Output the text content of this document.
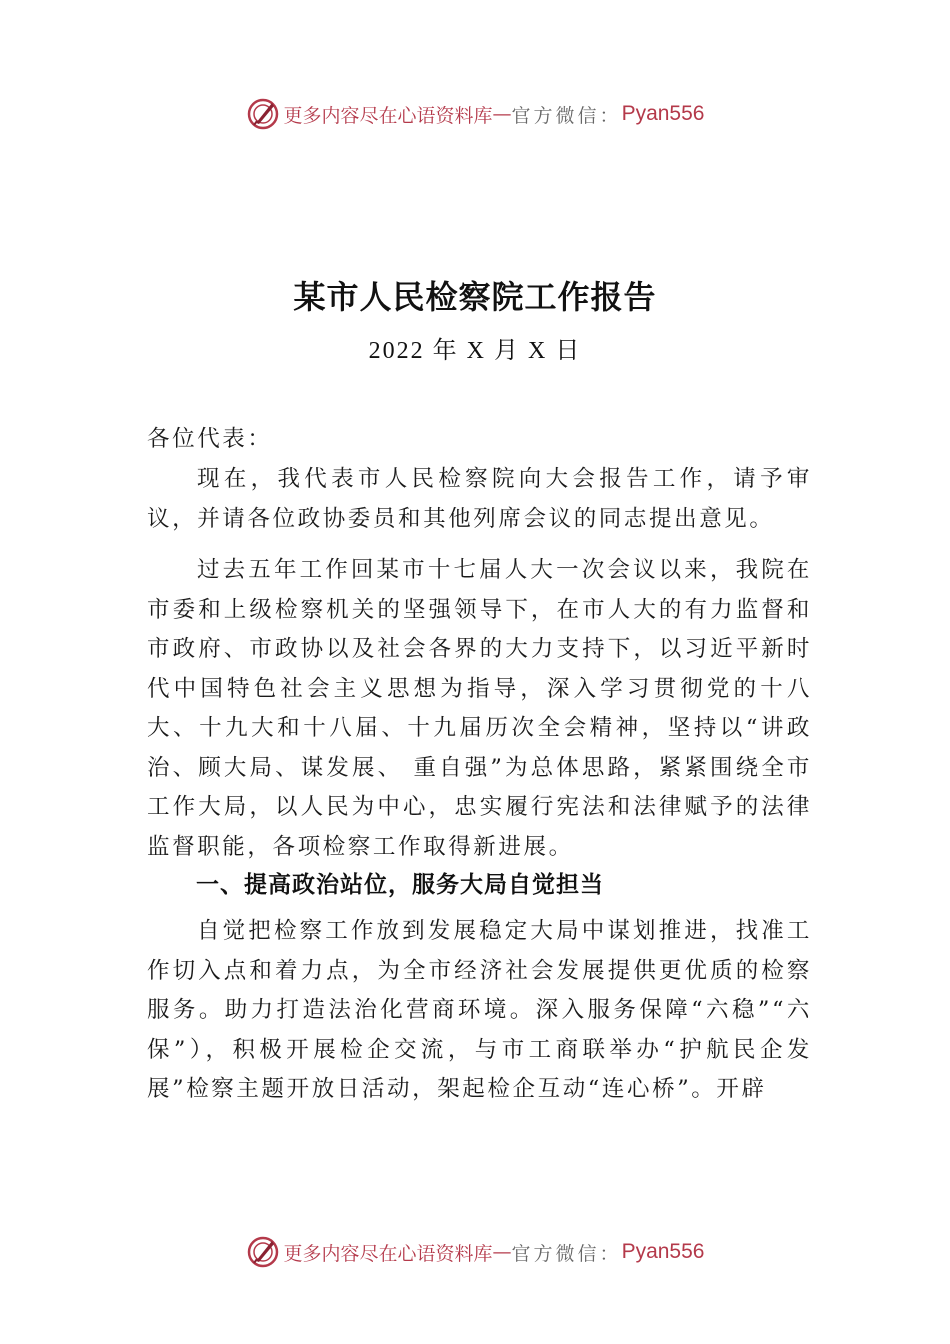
更多内容尽在心语资料库 — 官方微信： Pyan556
某市人民检察院工作报告
2022 年 X 月 X 日
各位代表：

现在，我代表市人民检察院向大会报告工作，请予审议，并请各位政协委员和其他列席会议的同志提出意见。

过去五年工作回某市十七届人大一次会议以来，我院在市委和上级检察机关的坚强领导下，在市人大的有力监督和市政府、市政协以及社会各界的大力支持下，以习近平新时代中国特色社会主义思想为指导，深入学习贯彻党的十八大、十九大和十八届、十九届历次全会精神，坚持以“讲政治、顾大局、谋发展、 重自强”为总体思路，紧紧围绕全市工作大局，以人民为中心，忠实履行宪法和法律赋予的法律监督职能，各项检察工作取得新进展。

一、提高政治站位，服务大局自觉担当

自觉把检察工作放到发展稳定大局中谋划推进，找准工作切入点和着力点，为全市经济社会发展提供更优质的检察服务。助力打造法治化营商环境。深入服务保障“六稳”“六保”），积极开展检企交流，与市工商联举办“护航民企发展”检察主题开放日活动，架起检企互动“连心桥”。开辟

更多内容尽在心语资料库 — 官方微信： Pyan556
